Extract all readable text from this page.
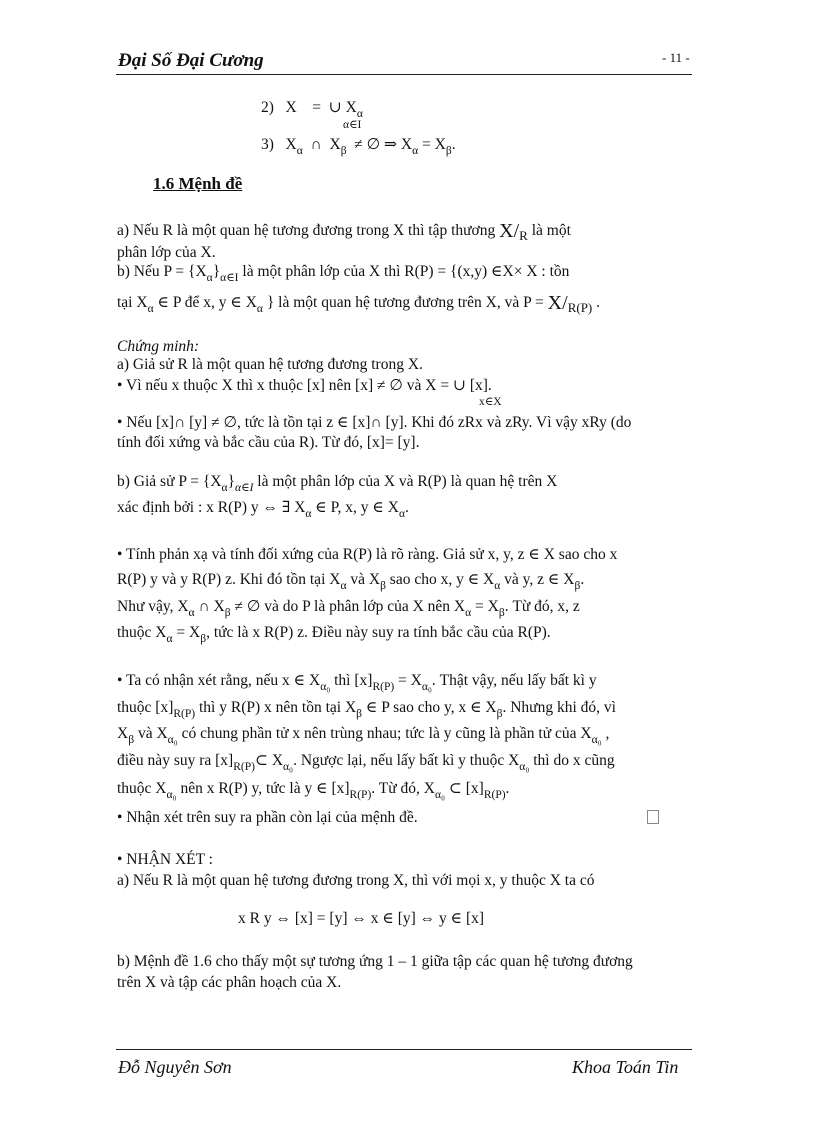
Đại Số Đại Cương	- 11 -
2) X = ∪ $X_\alpha$
α∈I
3) $X_\alpha$ ∩ $X_\beta$ ≠ ∅ ⇒ $X_\alpha = X_\beta$.
1.6 Mệnh đề
a) Nếu R là một quan hệ tương đương trong X thì tập thương $X/_R$ là một
phân lớp của X.
b) Nếu $P = \{X_\alpha\}_{\alpha\in I}$ là một phân lớp của X thì R(P) = {(x,y) ∈X× X : tồn
tại $X_\alpha$ ∈ P để x, y ∈ $X_\alpha$ } là một quan hệ tương đương trên X, và $P = X/_{R(P)}$ .
Chứng minh:
a) Giả sử R là một quan hệ tương đương trong X.
• Vì nếu x thuộc X thì x thuộc [x] nên [x] ≠ ∅ và X = ∪ [x].
x∈X
• Nếu [x]∩ [y] ≠ ∅, tức là tồn tại z ∈ [x]∩ [y]. Khi đó zRx và zRy. Vì vậy xRy (do
tính đối xứng và bắc cầu của R). Từ đó, [x]= [y].
b) Giả sử $P = \{X_\alpha\}_{\alpha\in I}$ là một phân lớp của X và R(P) là quan hệ trên X
xác định bởi : x R(P) y ⇔ ∃ $X_\alpha$ ∈ P, x, y ∈ $X_\alpha$.
• Tính phản xạ và tính đối xứng của R(P) là rõ ràng. Giả sử x, y, z ∈ X sao cho x
R(P) y và y R(P) z. Khi đó tồn tại $X_\alpha$ và $X_\beta$ sao cho x, y ∈ $X_\alpha$ và y, z ∈ $X_\beta$.
Như vậy, $X_\alpha$ ∩ $X_\beta$ ≠ ∅ và do P là phân lớp của X nên $X_\alpha = X_\beta$. Từ đó, x, z
thuộc $X_\alpha = X_\beta$, tức là x R(P) z. Điều này suy ra tính bắc cầu của R(P).
• Ta có nhận xét rằng, nếu x ∈ $X_{\alpha_0}$ thì $[x]_{R(P)} = X_{\alpha_0}$. Thật vậy, nếu lấy bất kì y
thuộc $[x]_{R(P)}$ thì y R(P) x nên tồn tại $X_\beta$ ∈ P sao cho y, x ∈ $X_\beta$. Nhưng khi đó, vì
$X_\beta$ và $X_{\alpha_0}$ có chung phần tử x nên trùng nhau; tức là y cũng là phần tử của $X_{\alpha_0}$ ,
điều này suy ra $[x]_{R(P)}\subset$ $X_{\alpha_0}$. Ngược lại, nếu lấy bất kì y thuộc $X_{\alpha_0}$ thì do x cũng
thuộc $X_{\alpha_0}$ nên x R(P) y, tức là y ∈ $[x]_{R(P)}$. Từ đó, $X_{\alpha_0}$ ⊂ $[x]_{R(P)}$.
• Nhận xét trên suy ra phần còn lại của mệnh đề.
• NHẬN XÉT :
a) Nếu R là một quan hệ tương đương trong X, thì với mọi x, y thuộc X ta có
x R y ⇔ [x] = [y] ⇔ x ∈ [y] ⇔ y ∈ [x]
b) Mệnh đề 1.6 cho thấy một sự tương ứng 1 – 1 giữa tập các quan hệ tương đương
trên X và tập các phân hoạch của X.
Đỗ Nguyên Sơn	Khoa Toán Tin
